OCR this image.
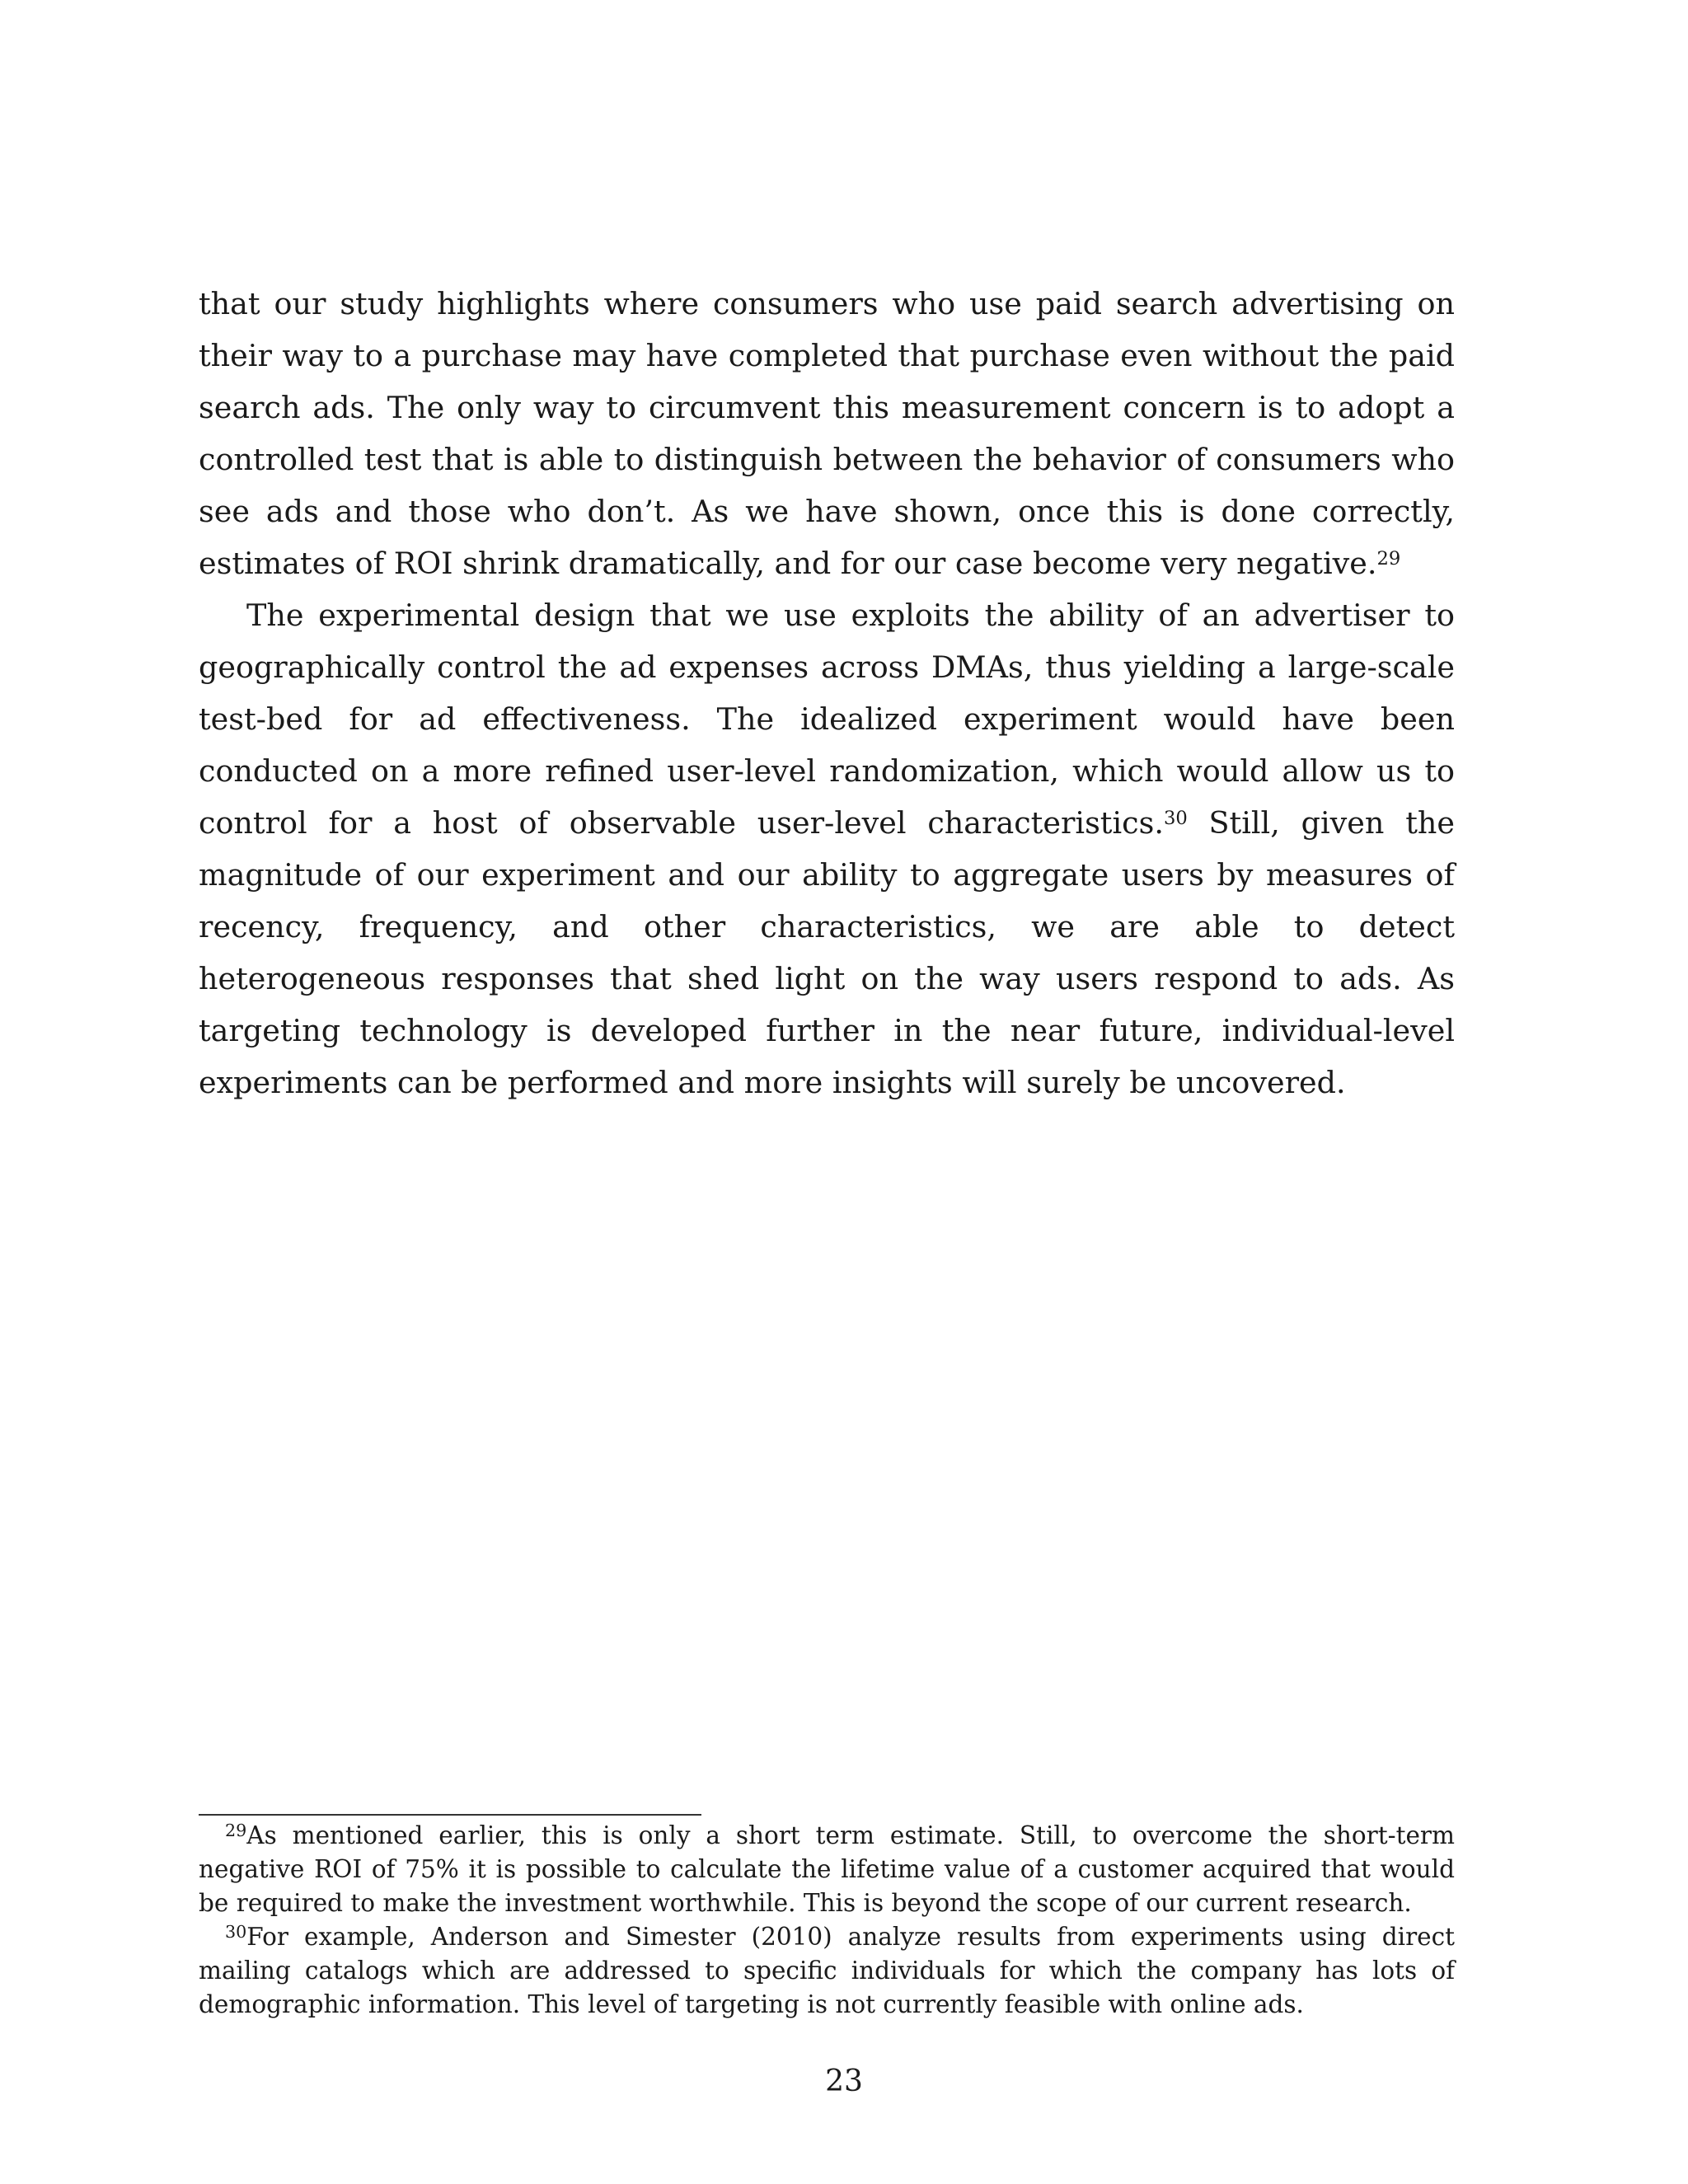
that our study highlights where consumers who use paid search advertising on their way to a purchase may have completed that purchase even without the paid search ads. The only way to circumvent this measurement concern is to adopt a controlled test that is able to distinguish between the behavior of consumers who see ads and those who don’t. As we have shown, once this is done correctly, estimates of ROI shrink dramatically, and for our case become very negative.$^{29}$

The experimental design that we use exploits the ability of an advertiser to geographically control the ad expenses across DMAs, thus yielding a large-scale test-bed for ad effectiveness. The idealized experiment would have been conducted on a more refined user-level randomization, which would allow us to control for a host of observable user-level characteristics.$^{30}$ Still, given the magnitude of our experiment and our ability to aggregate users by measures of recency, frequency, and other characteristics, we are able to detect heterogeneous responses that shed light on the way users respond to ads. As targeting technology is developed further in the near future, individual-level experiments can be performed and more insights will surely be uncovered.

$^{29}$As mentioned earlier, this is only a short term estimate. Still, to overcome the short-term negative ROI of 75% it is possible to calculate the lifetime value of a customer acquired that would be required to make the investment worthwhile. This is beyond the scope of our current research.

$^{30}$For example, Anderson and Simester (2010) analyze results from experiments using direct mailing catalogs which are addressed to specific individuals for which the company has lots of demographic information. This level of targeting is not currently feasible with online ads.

23
